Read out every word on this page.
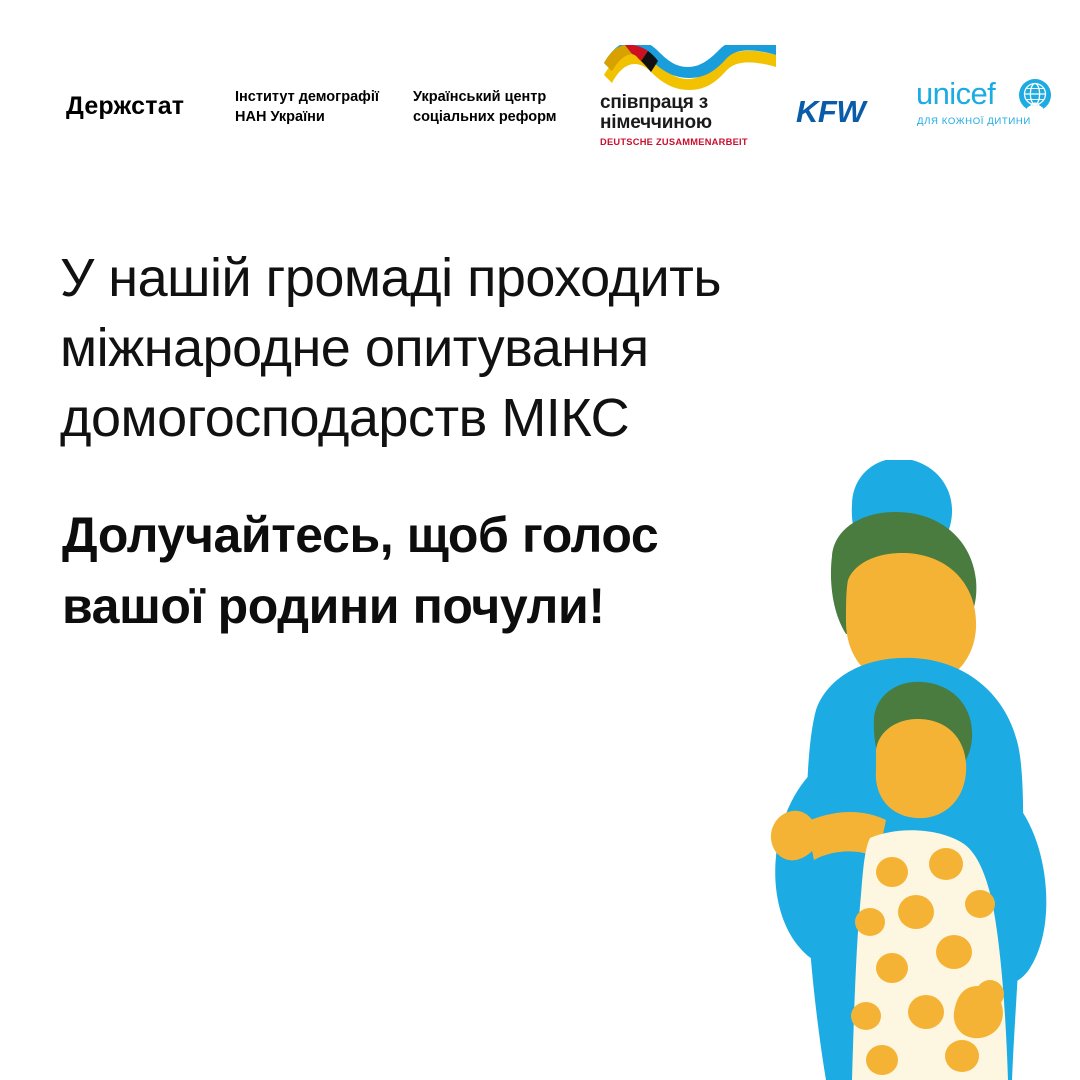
Держстат	Інститут демографії
НАН України
Український центр
соціальних реформ
співпраця з
німеччиною
DEUTSCHE ZUSAMMENARBEIT
KFW
unicef
ДЛЯ КОЖНОЇ ДИТИНИ
У нашій громаді проходить міжнародне опитування домогосподарств МІКС
Долучайтесь, щоб голос вашої родини почули!
